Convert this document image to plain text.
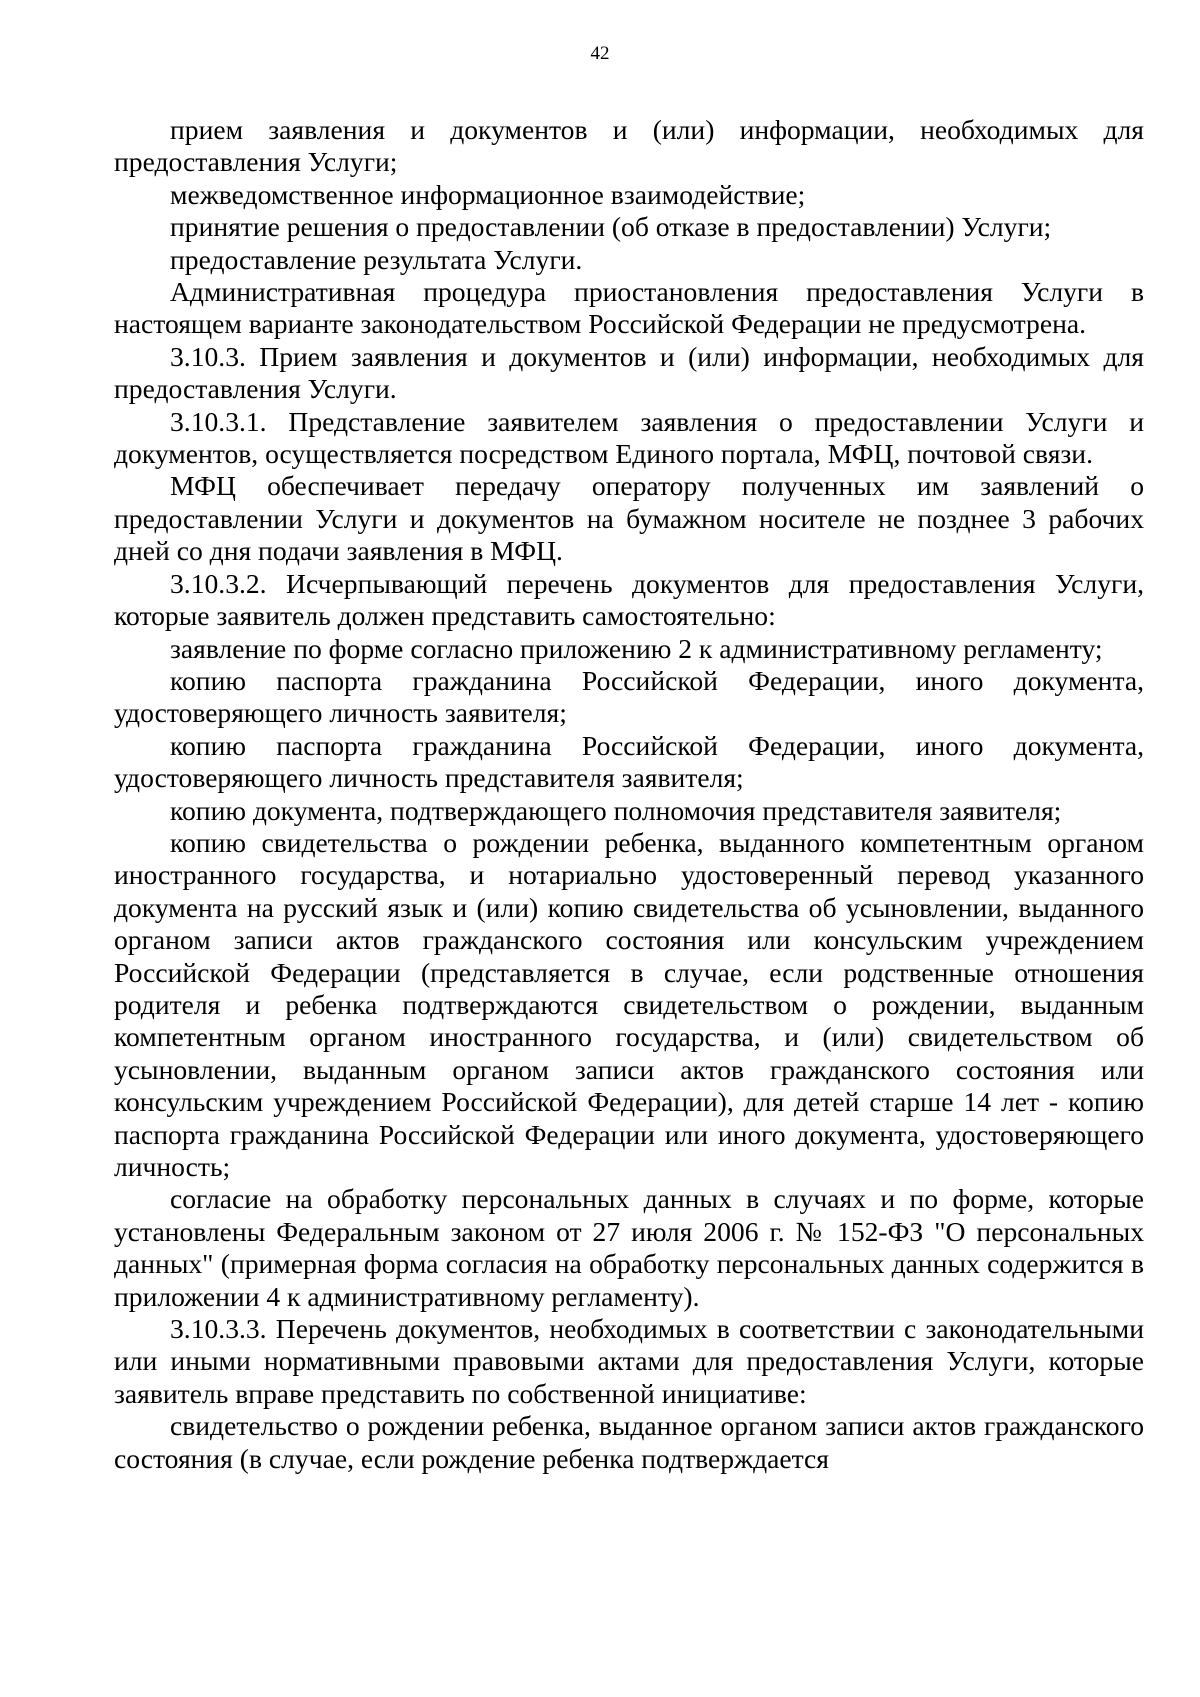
42

прием заявления и документов и (или) информации, необходимых для предоставления Услуги;

межведомственное информационное взаимодействие;

принятие решения о предоставлении (об отказе в предоставлении) Услуги;

предоставление результата Услуги.

Административная процедура приостановления предоставления Услуги в настоящем варианте законодательством Российской Федерации не предусмотрена.

3.10.3. Прием заявления и документов и (или) информации, необходимых для предоставления Услуги.

3.10.3.1. Представление заявителем заявления о предоставлении Услуги и документов, осуществляется посредством Единого портала, МФЦ, почтовой связи.

МФЦ обеспечивает передачу оператору полученных им заявлений о предоставлении Услуги и документов на бумажном носителе не позднее 3 рабочих дней со дня подачи заявления в МФЦ.

3.10.3.2. Исчерпывающий перечень документов для предоставления Услуги, которые заявитель должен представить самостоятельно:

заявление по форме согласно приложению 2 к административному регламенту;

копию паспорта гражданина Российской Федерации, иного документа, удостоверяющего личность заявителя;

копию паспорта гражданина Российской Федерации, иного документа, удостоверяющего личность представителя заявителя;

копию документа, подтверждающего полномочия представителя заявителя;

копию свидетельства о рождении ребенка, выданного компетентным органом иностранного государства, и нотариально удостоверенный перевод указанного документа на русский язык и (или) копию свидетельства об усыновлении, выданного органом записи актов гражданского состояния или консульским учреждением Российской Федерации (представляется в случае, если родственные отношения родителя и ребенка подтверждаются свидетельством о рождении, выданным компетентным органом иностранного государства, и (или) свидетельством об усыновлении, выданным органом записи актов гражданского состояния или консульским учреждением Российской Федерации), для детей старше 14 лет - копию паспорта гражданина Российской Федерации или иного документа, удостоверяющего личность;

согласие на обработку персональных данных в случаях и по форме, которые установлены Федеральным законом от 27 июля 2006 г. № 152-ФЗ "О персональных данных" (примерная форма согласия на обработку персональных данных содержится в приложении 4 к административному регламенту).

3.10.3.3. Перечень документов, необходимых в соответствии с законодательными или иными нормативными правовыми актами для предоставления Услуги, которые заявитель вправе представить по собственной инициативе:

свидетельство о рождении ребенка, выданное органом записи актов гражданского состояния (в случае, если рождение ребенка подтверждается
